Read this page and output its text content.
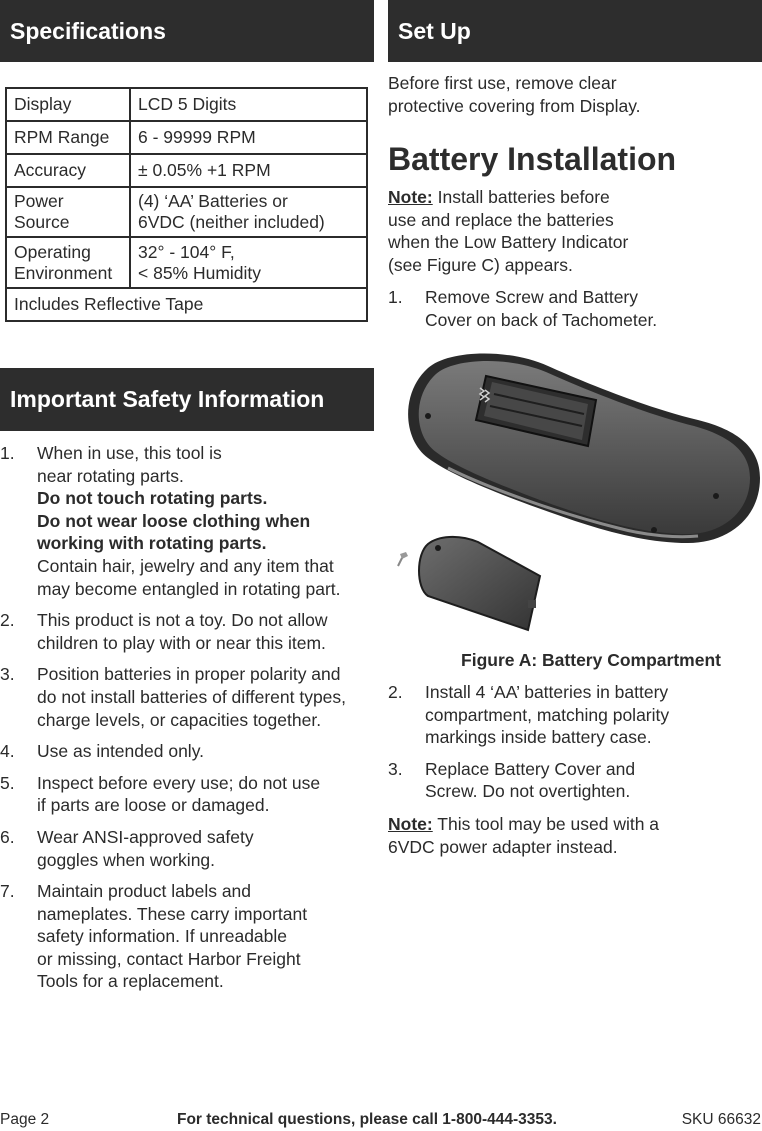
Specifications	Set Up
Important Safety Information
Display	LCD 5 Digits
RPM Range	6 - 99999 RPM
Accuracy	± 0.05% +1 RPM
Power
Source	(4) ‘AA’ Batteries or
6VDC (neither included)
Operating
Environment	32° - 104° F,
< 85% Humidity
Includes Reflective Tape	
1. When in use, this tool is
near rotating parts.
Do not touch rotating parts.
Do not wear loose clothing when
working with rotating parts.
Contain hair, jewelry and any item that
may become entangled in rotating part.
2. This product is not a toy. Do not allow
children to play with or near this item.
3. Position batteries in proper polarity and
do not install batteries of different types,
charge levels, or capacities together.
4. Use as intended only.
5. Inspect before every use; do not use
if parts are loose or damaged.
6. Wear ANSI-approved safety
goggles when working.
7. Maintain product labels and
nameplates. These carry important
safety information. If unreadable
or missing, contact Harbor Freight
Tools for a replacement.
Before first use, remove clear
protective covering from Display.
Battery Installation
Note: Install batteries before
use and replace the batteries
when the Low Battery Indicator
(see Figure C) appears.
1. Remove Screw and Battery
Cover on back of Tachometer.
Figure A: Battery Compartment
2. Install 4 ‘AA’ batteries in battery
compartment, matching polarity
markings inside battery case.
3. Replace Battery Cover and
Screw. Do not overtighten.
Note: This tool may be used with a
6VDC power adapter instead.
Page 2	For technical questions, please call 1-800-444-3353.	SKU 66632
